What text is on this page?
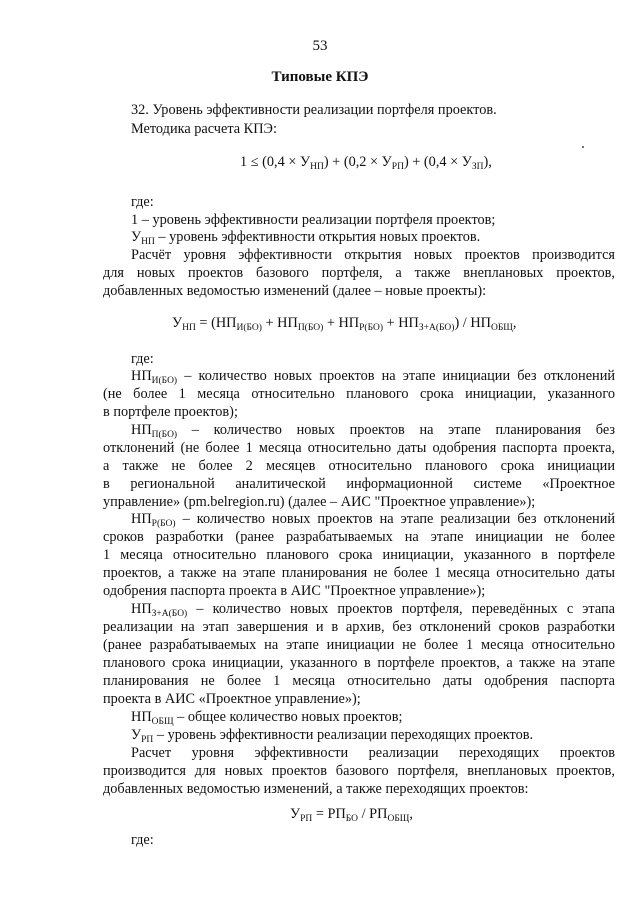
53
Типовые КПЭ
32. Уровень эффективности реализации портфеля проектов.
Методика расчета КПЭ:
$1 \le (0,4 \times У_{НП}) + (0,2 \times У_{РП}) + (0,4 \times У_{ЗП})$,
где:
1 – уровень эффективности реализации портфеля проектов;
$У_{НП}$ – уровень эффективности открытия новых проектов.
Расчёт уровня эффективности открытия новых проектов производится
для новых проектов базового портфеля, а также внеплановых проектов,
добавленных ведомостью изменений (далее – новые проекты):
$У_{НП} = (НП_{И(БО)} + НП_{П(БО)} + НП_{Р(БО)} + НП_{З+А(БО)}) / НП_{ОБЩ}$,
где:
$НП_{И(БО)}$ – количество новых проектов на этапе инициации без отклонений
(не более 1 месяца относительно планового срока инициации, указанного
в портфеле проектов);
$НП_{П(БО)}$ – количество новых проектов на этапе планирования без
отклонений (не более 1 месяца относительно даты одобрения паспорта проекта,
а также не более 2 месяцев относительно планового срока инициации
в региональной аналитической информационной системе «Проектное
управление» (pm.belregion.ru) (далее – АИС "Проектное управление»);
$НП_{Р(БО)}$ – количество новых проектов на этапе реализации без отклонений
сроков разработки (ранее разрабатываемых на этапе инициации не более
1 месяца относительно планового срока инициации, указанного в портфеле
проектов, а также на этапе планирования не более 1 месяца относительно даты
одобрения паспорта проекта в АИС "Проектное управление»);
$НП_{З+А(БО)}$ – количество новых проектов портфеля, переведённых с этапа
реализации на этап завершения и в архив, без отклонений сроков разработки
(ранее разрабатываемых на этапе инициации не более 1 месяца относительно
планового срока инициации, указанного в портфеле проектов, а также на этапе
планирования не более 1 месяца относительно даты одобрения паспорта
проекта в АИС «Проектное управление»);
$НП_{ОБЩ}$ – общее количество новых проектов;
$У_{РП}$ – уровень эффективности реализации переходящих проектов.
Расчет уровня эффективности реализации переходящих проектов
производится для новых проектов базового портфеля, внеплановых проектов,
добавленных ведомостью изменений, а также переходящих проектов:
$У_{РП} = РП_{БО} / РП_{ОБЩ}$,
где:
